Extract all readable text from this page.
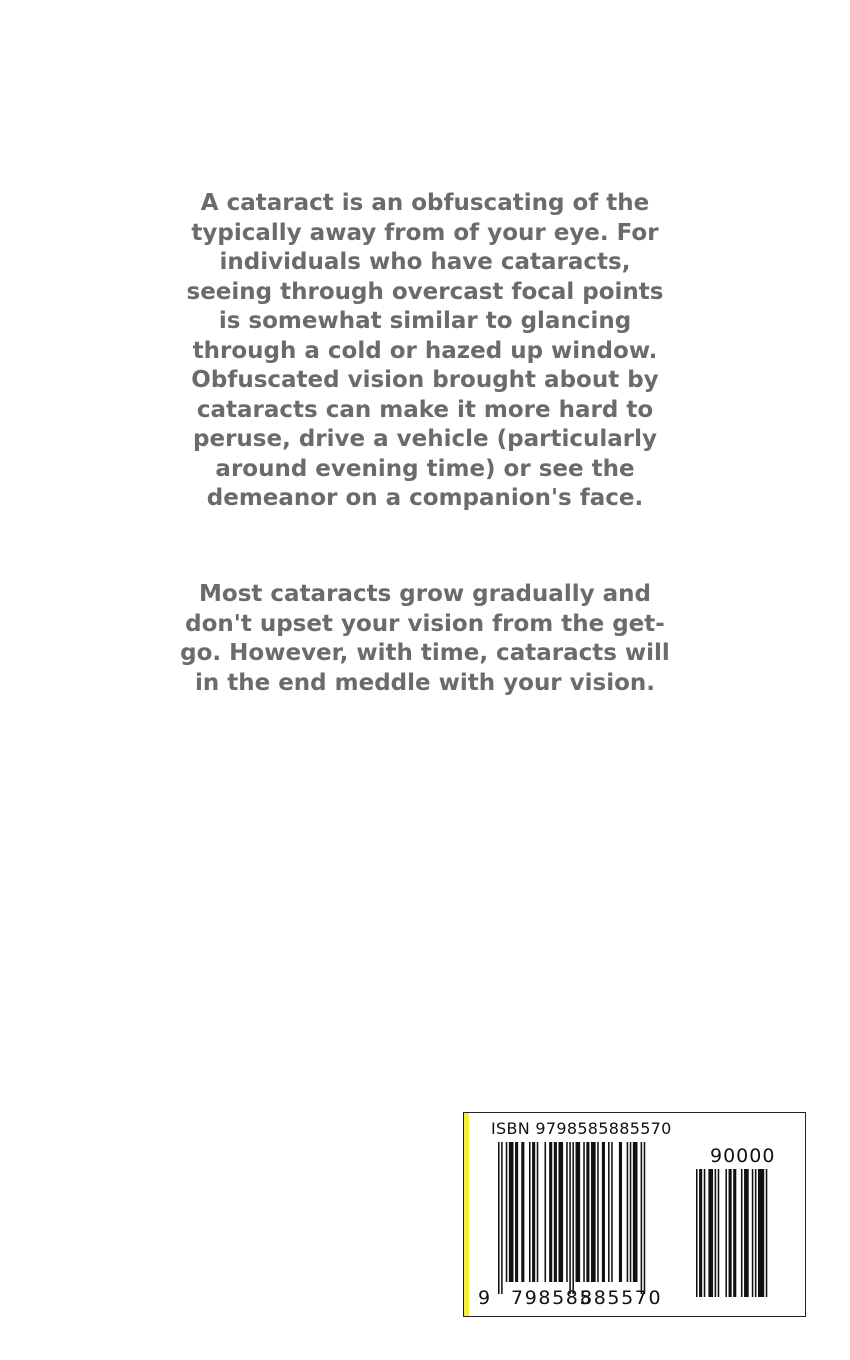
A cataract is an obfuscating of the typically away from of your eye. For individuals who have cataracts, seeing through overcast focal points is somewhat similar to glancing through a cold or hazed up window. Obfuscated vision brought about by cataracts can make it more hard to peruse, drive a vehicle (particularly around evening time) or see the demeanor on a companion's face.

Most cataracts grow gradually and don't upset your vision from the get-go. However, with time, cataracts will in the end meddle with your vision.

ISBN 9798585885570
90000
9 798585
885570
